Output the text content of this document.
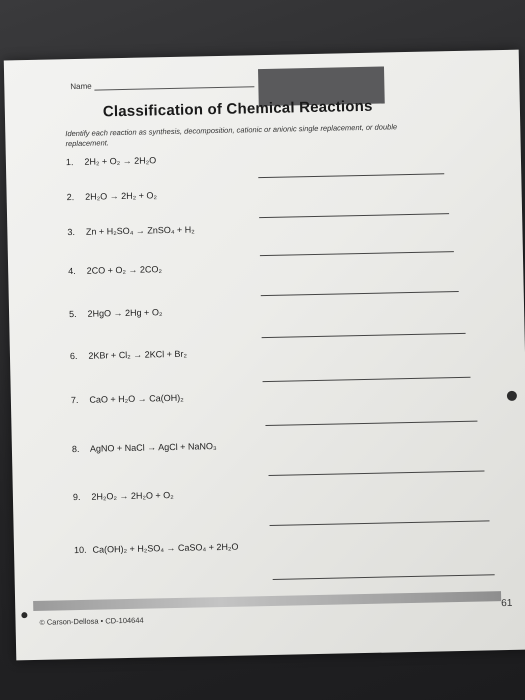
Name
Classification of Chemical Reactions
Identify each reaction as synthesis, decomposition, cationic or anionic single replacement, or double replacement.
1. 2H₂ + O₂ → 2H₂O
2. 2H₂O → 2H₂ + O₂
3. Zn + H₂SO₄ → ZnSO₄ + H₂
4. 2CO + O₂ → 2CO₂
5. 2HgO → 2Hg + O₂
6. 2KBr + Cl₂ → 2KCl + Br₂
7. CaO + H₂O → Ca(OH)₂
8. AgNO + NaCl → AgCl + NaNO₃
9. 2H₂O₂ → 2H₂O + O₂
10. Ca(OH)₂ + H₂SO₄ → CaSO₄ + 2H₂O
61
© Carson-Dellosa • CD-104644
